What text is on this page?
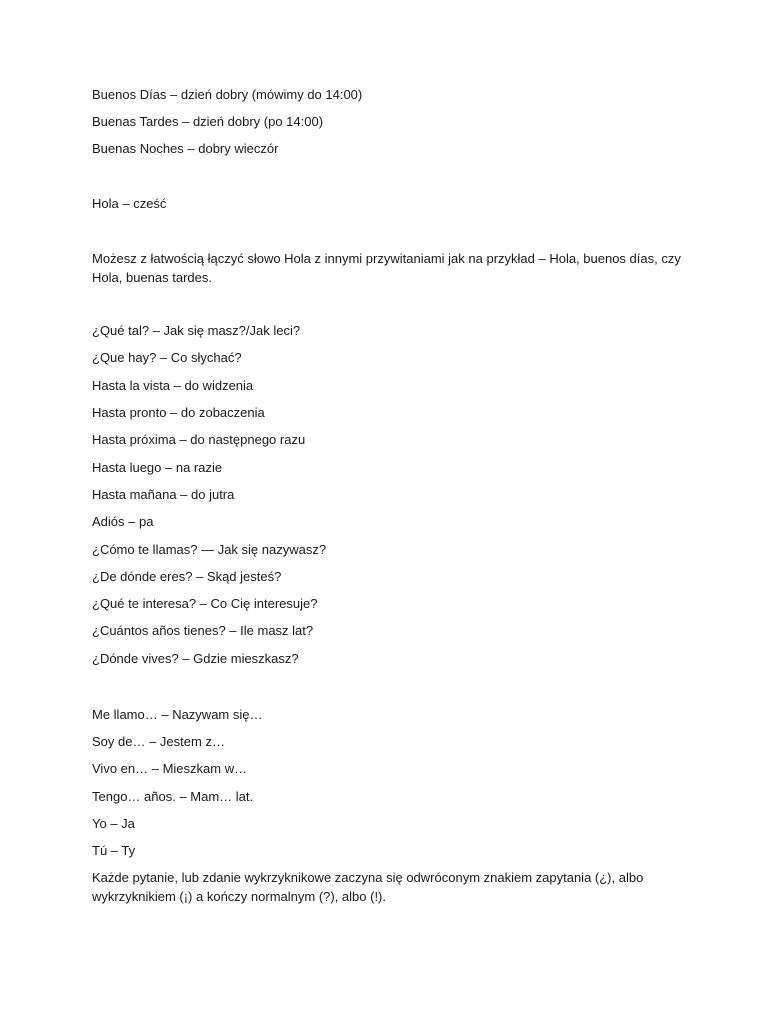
Buenos Días – dzień dobry (mówimy do 14:00)

Buenas Tardes – dzień dobry (po 14:00)

Buenas Noches – dobry wieczór

Hola – cześć

Możesz z łatwością łączyć słowo Hola z innymi przywitaniami jak na przykład – Hola, buenos días, czy Hola, buenas tardes.

¿Qué tal? – Jak się masz?/Jak leci?

¿Que hay? – Co słychać?

Hasta la vista – do widzenia

Hasta pronto – do zobaczenia

Hasta próxima – do następnego razu

Hasta luego – na razie

Hasta mañana – do jutra

Adiós – pa

¿Cómo te llamas? — Jak się nazywasz?

¿De dónde eres? – Skąd jesteś?

¿Qué te interesa? – Co Cię interesuje?

¿Cuántos años tienes? – Ile masz lat?

¿Dónde vives? – Gdzie mieszkasz?

Me llamo… – Nazywam się…

Soy de… – Jestem z…

Vivo en… – Mieszkam w…

Tengo… años. – Mam… lat.

Yo – Ja

Tú – Ty

Każde pytanie, lub zdanie wykrzyknikowe zaczyna się odwróconym znakiem zapytania (¿), albo wykrzyknikiem (¡) a kończy normalnym (?), albo (!).
